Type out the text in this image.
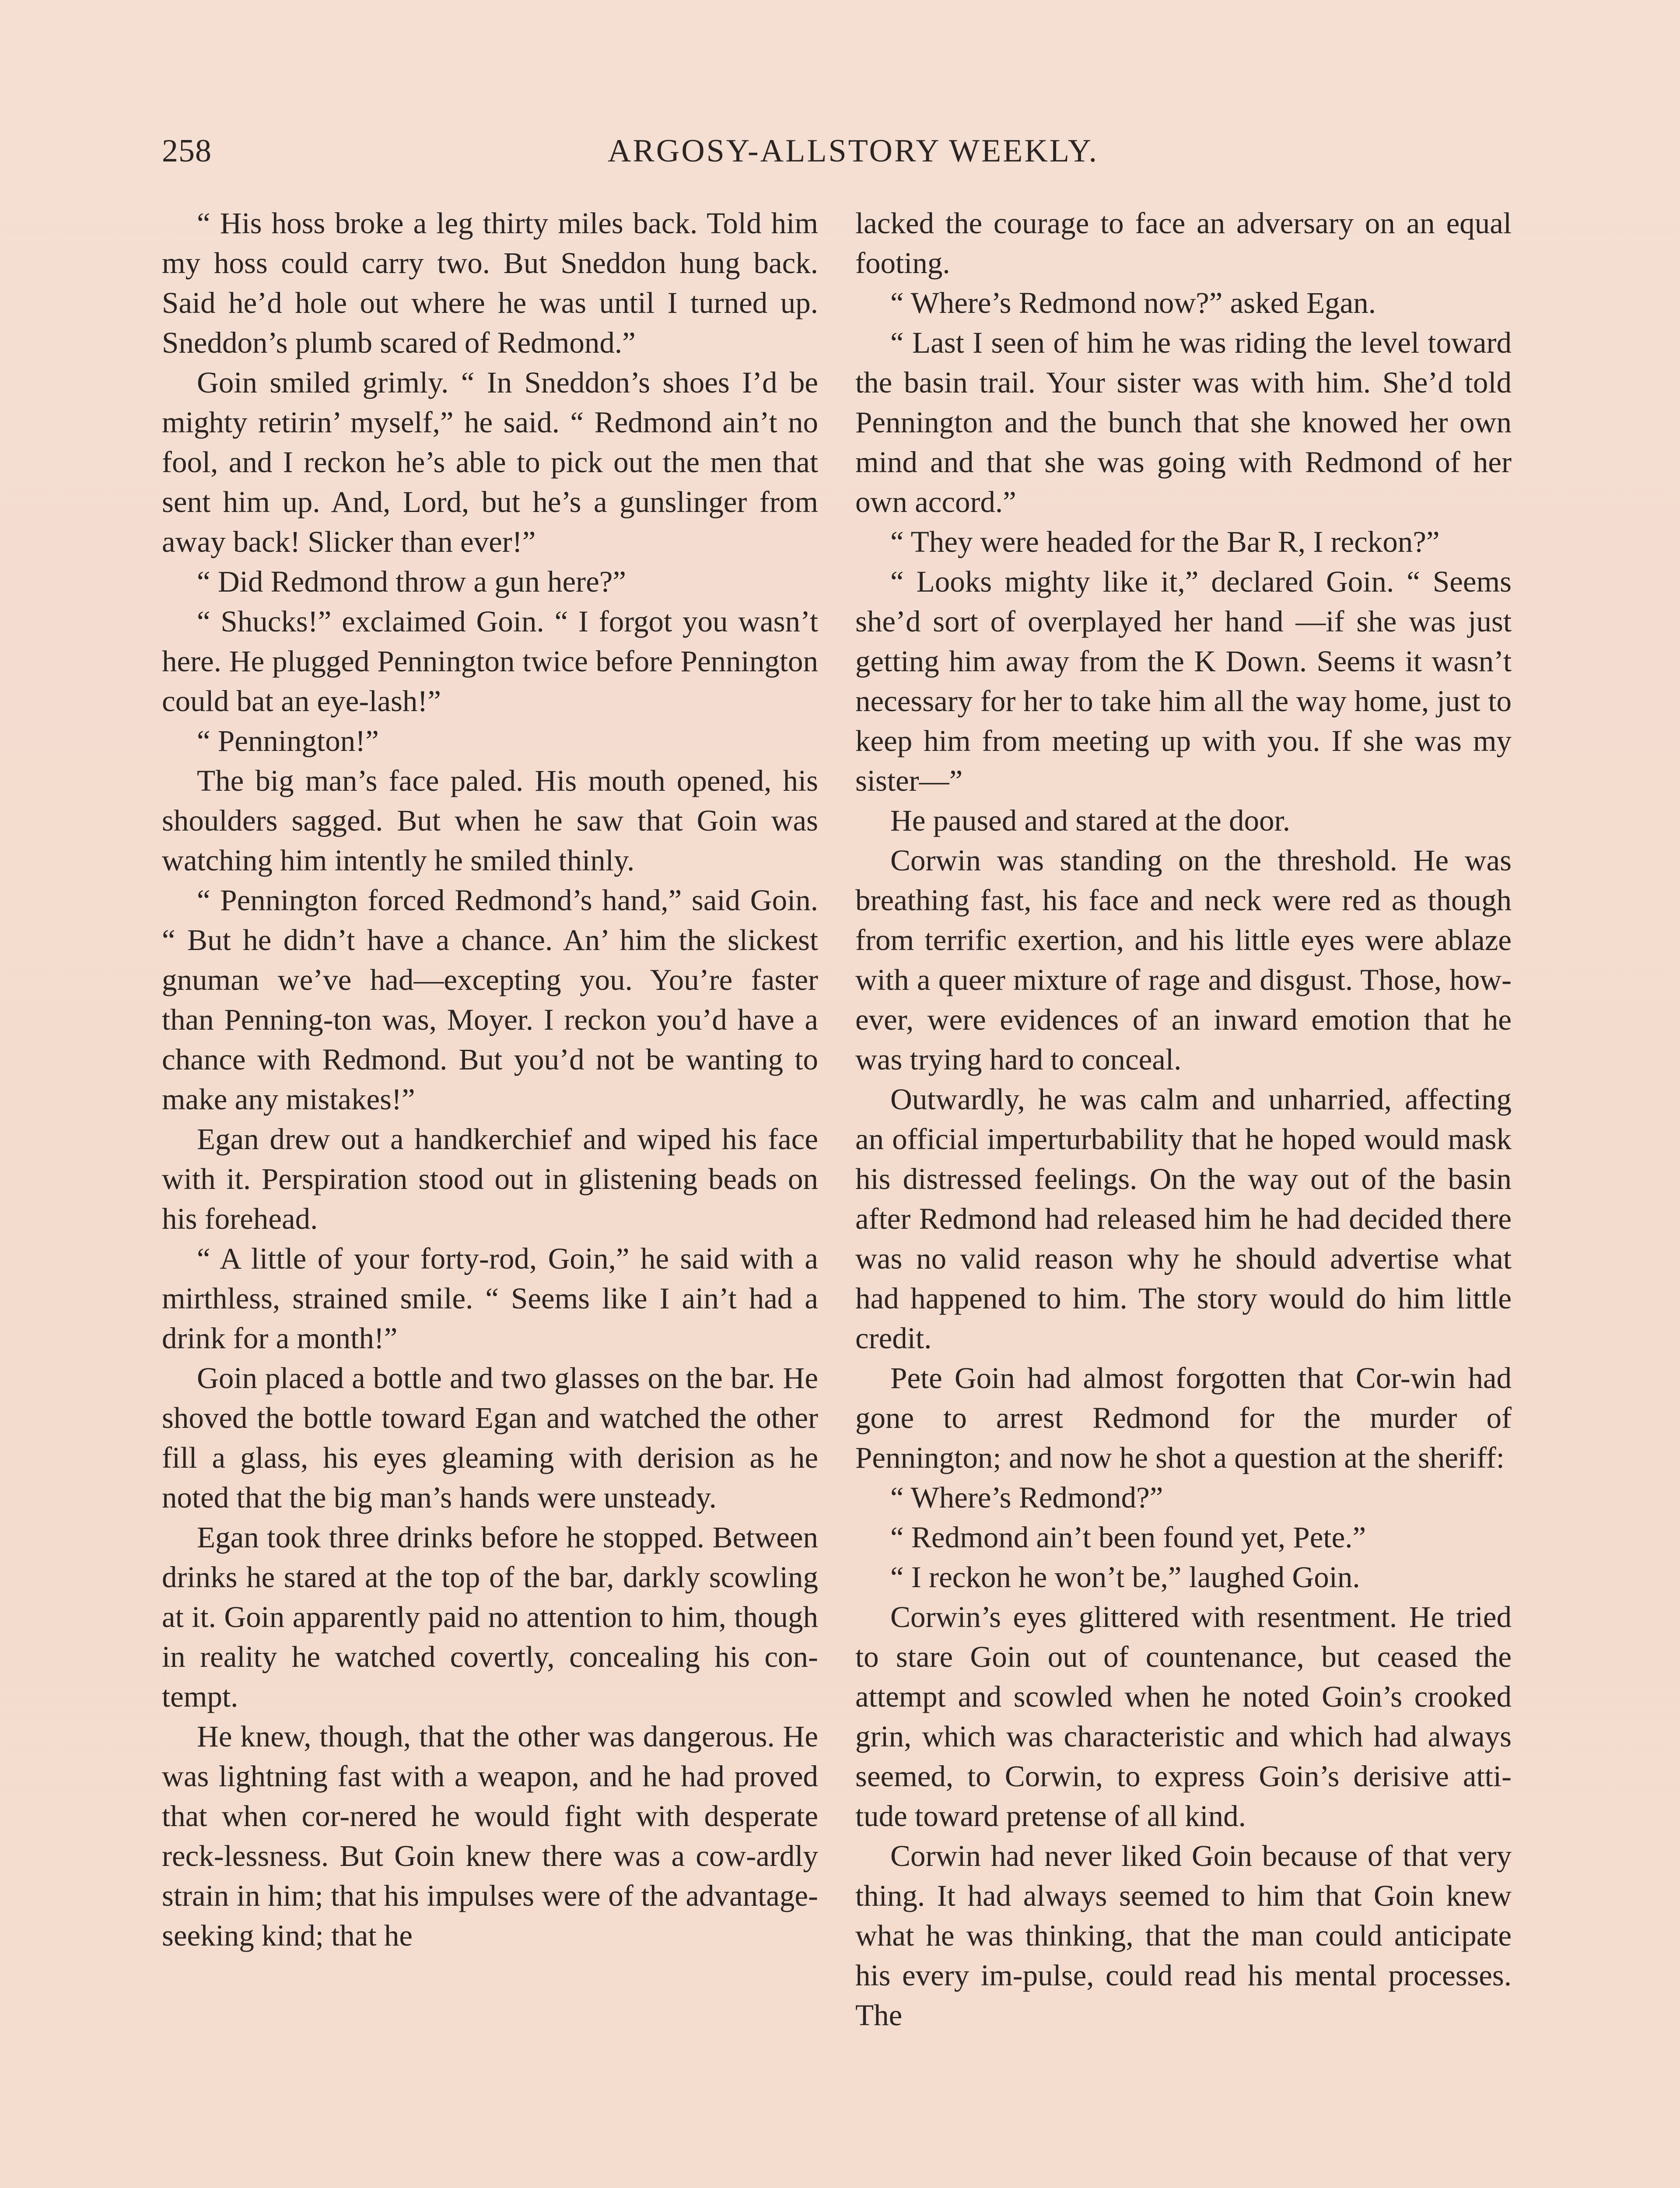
258	ARGOSY-ALLSTORY WEEKLY.

“ His hoss broke a leg thirty miles back. Told him my hoss could carry two. But Sneddon hung back. Said he’d hole out where he was until I turned up. Sneddon’s plumb scared of Redmond.”

Goin smiled grimly. “ In Sneddon’s shoes I’d be mighty retirin’ myself,” he said. “ Redmond ain’t no fool, and I reckon he’s able to pick out the men that sent him up. And, Lord, but he’s a gunslinger from away back! Slicker than ever!”

“ Did Redmond throw a gun here?”

“ Shucks!” exclaimed Goin. “ I forgot you wasn’t here. He plugged Pennington twice before Pennington could bat an eye-lash!”

“ Pennington!”

The big man’s face paled. His mouth opened, his shoulders sagged. But when he saw that Goin was watching him intently he smiled thinly.

“ Pennington forced Redmond’s hand,” said Goin. “ But he didn’t have a chance. An’ him the slickest gnuman we’ve had—excepting you. You’re faster than Penning-ton was, Moyer. I reckon you’d have a chance with Redmond. But you’d not be wanting to make any mistakes!”

Egan drew out a handkerchief and wiped his face with it. Perspiration stood out in glistening beads on his forehead.

“ A little of your forty-rod, Goin,” he said with a mirthless, strained smile. “ Seems like I ain’t had a drink for a month!”

Goin placed a bottle and two glasses on the bar. He shoved the bottle toward Egan and watched the other fill a glass, his eyes gleaming with derision as he noted that the big man’s hands were unsteady.

Egan took three drinks before he stopped. Between drinks he stared at the top of the bar, darkly scowling at it. Goin apparently paid no attention to him, though in reality he watched covertly, concealing his con-tempt.

He knew, though, that the other was dangerous. He was lightning fast with a weapon, and he had proved that when cor-nered he would fight with desperate reck-lessness. But Goin knew there was a cow-ardly strain in him; that his impulses were of the advantage-seeking kind; that he

lacked the courage to face an adversary on an equal footing.

“ Where’s Redmond now?” asked Egan.

“ Last I seen of him he was riding the level toward the basin trail. Your sister was with him. She’d told Pennington and the bunch that she knowed her own mind and that she was going with Redmond of her own accord.”

“ They were headed for the Bar R, I reckon?”

“ Looks mighty like it,” declared Goin. “ Seems she’d sort of overplayed her hand —if she was just getting him away from the K Down. Seems it wasn’t necessary for her to take him all the way home, just to keep him from meeting up with you. If she was my sister—”

He paused and stared at the door.

Corwin was standing on the threshold. He was breathing fast, his face and neck were red as though from terrific exertion, and his little eyes were ablaze with a queer mixture of rage and disgust. Those, how-ever, were evidences of an inward emotion that he was trying hard to conceal.

Outwardly, he was calm and unharried, affecting an official imperturbability that he hoped would mask his distressed feelings. On the way out of the basin after Redmond had released him he had decided there was no valid reason why he should advertise what had happened to him. The story would do him little credit.

Pete Goin had almost forgotten that Cor-win had gone to arrest Redmond for the murder of Pennington; and now he shot a question at the sheriff:

“ Where’s Redmond?”

“ Redmond ain’t been found yet, Pete.”

“ I reckon he won’t be,” laughed Goin.

Corwin’s eyes glittered with resentment. He tried to stare Goin out of countenance, but ceased the attempt and scowled when he noted Goin’s crooked grin, which was characteristic and which had always seemed, to Corwin, to express Goin’s derisive atti-tude toward pretense of all kind.

Corwin had never liked Goin because of that very thing. It had always seemed to him that Goin knew what he was thinking, that the man could anticipate his every im-pulse, could read his mental processes. The
